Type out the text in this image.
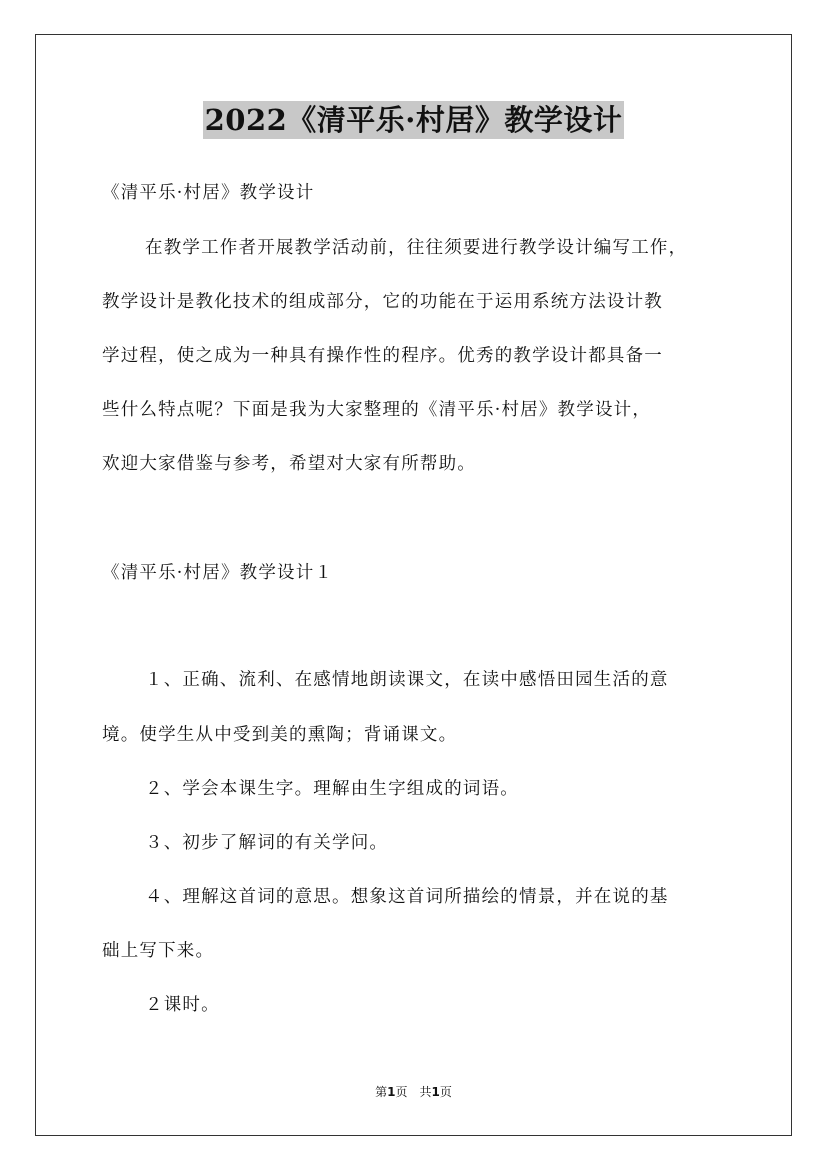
2022《清平乐·村居》教学设计
《清平乐·村居》教学设计
在教学工作者开展教学活动前，往往须要进行教学设计编写工作，
教学设计是教化技术的组成部分，它的功能在于运用系统方法设计教
学过程，使之成为一种具有操作性的程序。优秀的教学设计都具备一
些什么特点呢？下面是我为大家整理的《清平乐·村居》教学设计，
欢迎大家借鉴与参考，希望对大家有所帮助。
《清平乐·村居》教学设计１
１、正确、流利、在感情地朗读课文，在读中感悟田园生活的意
境。使学生从中受到美的熏陶；背诵课文。
２、学会本课生字。理解由生字组成的词语。
３、初步了解词的有关学问。
４、理解这首词的意思。想象这首词所描绘的情景，并在说的基
础上写下来。
２课时。
第1页　共1页
